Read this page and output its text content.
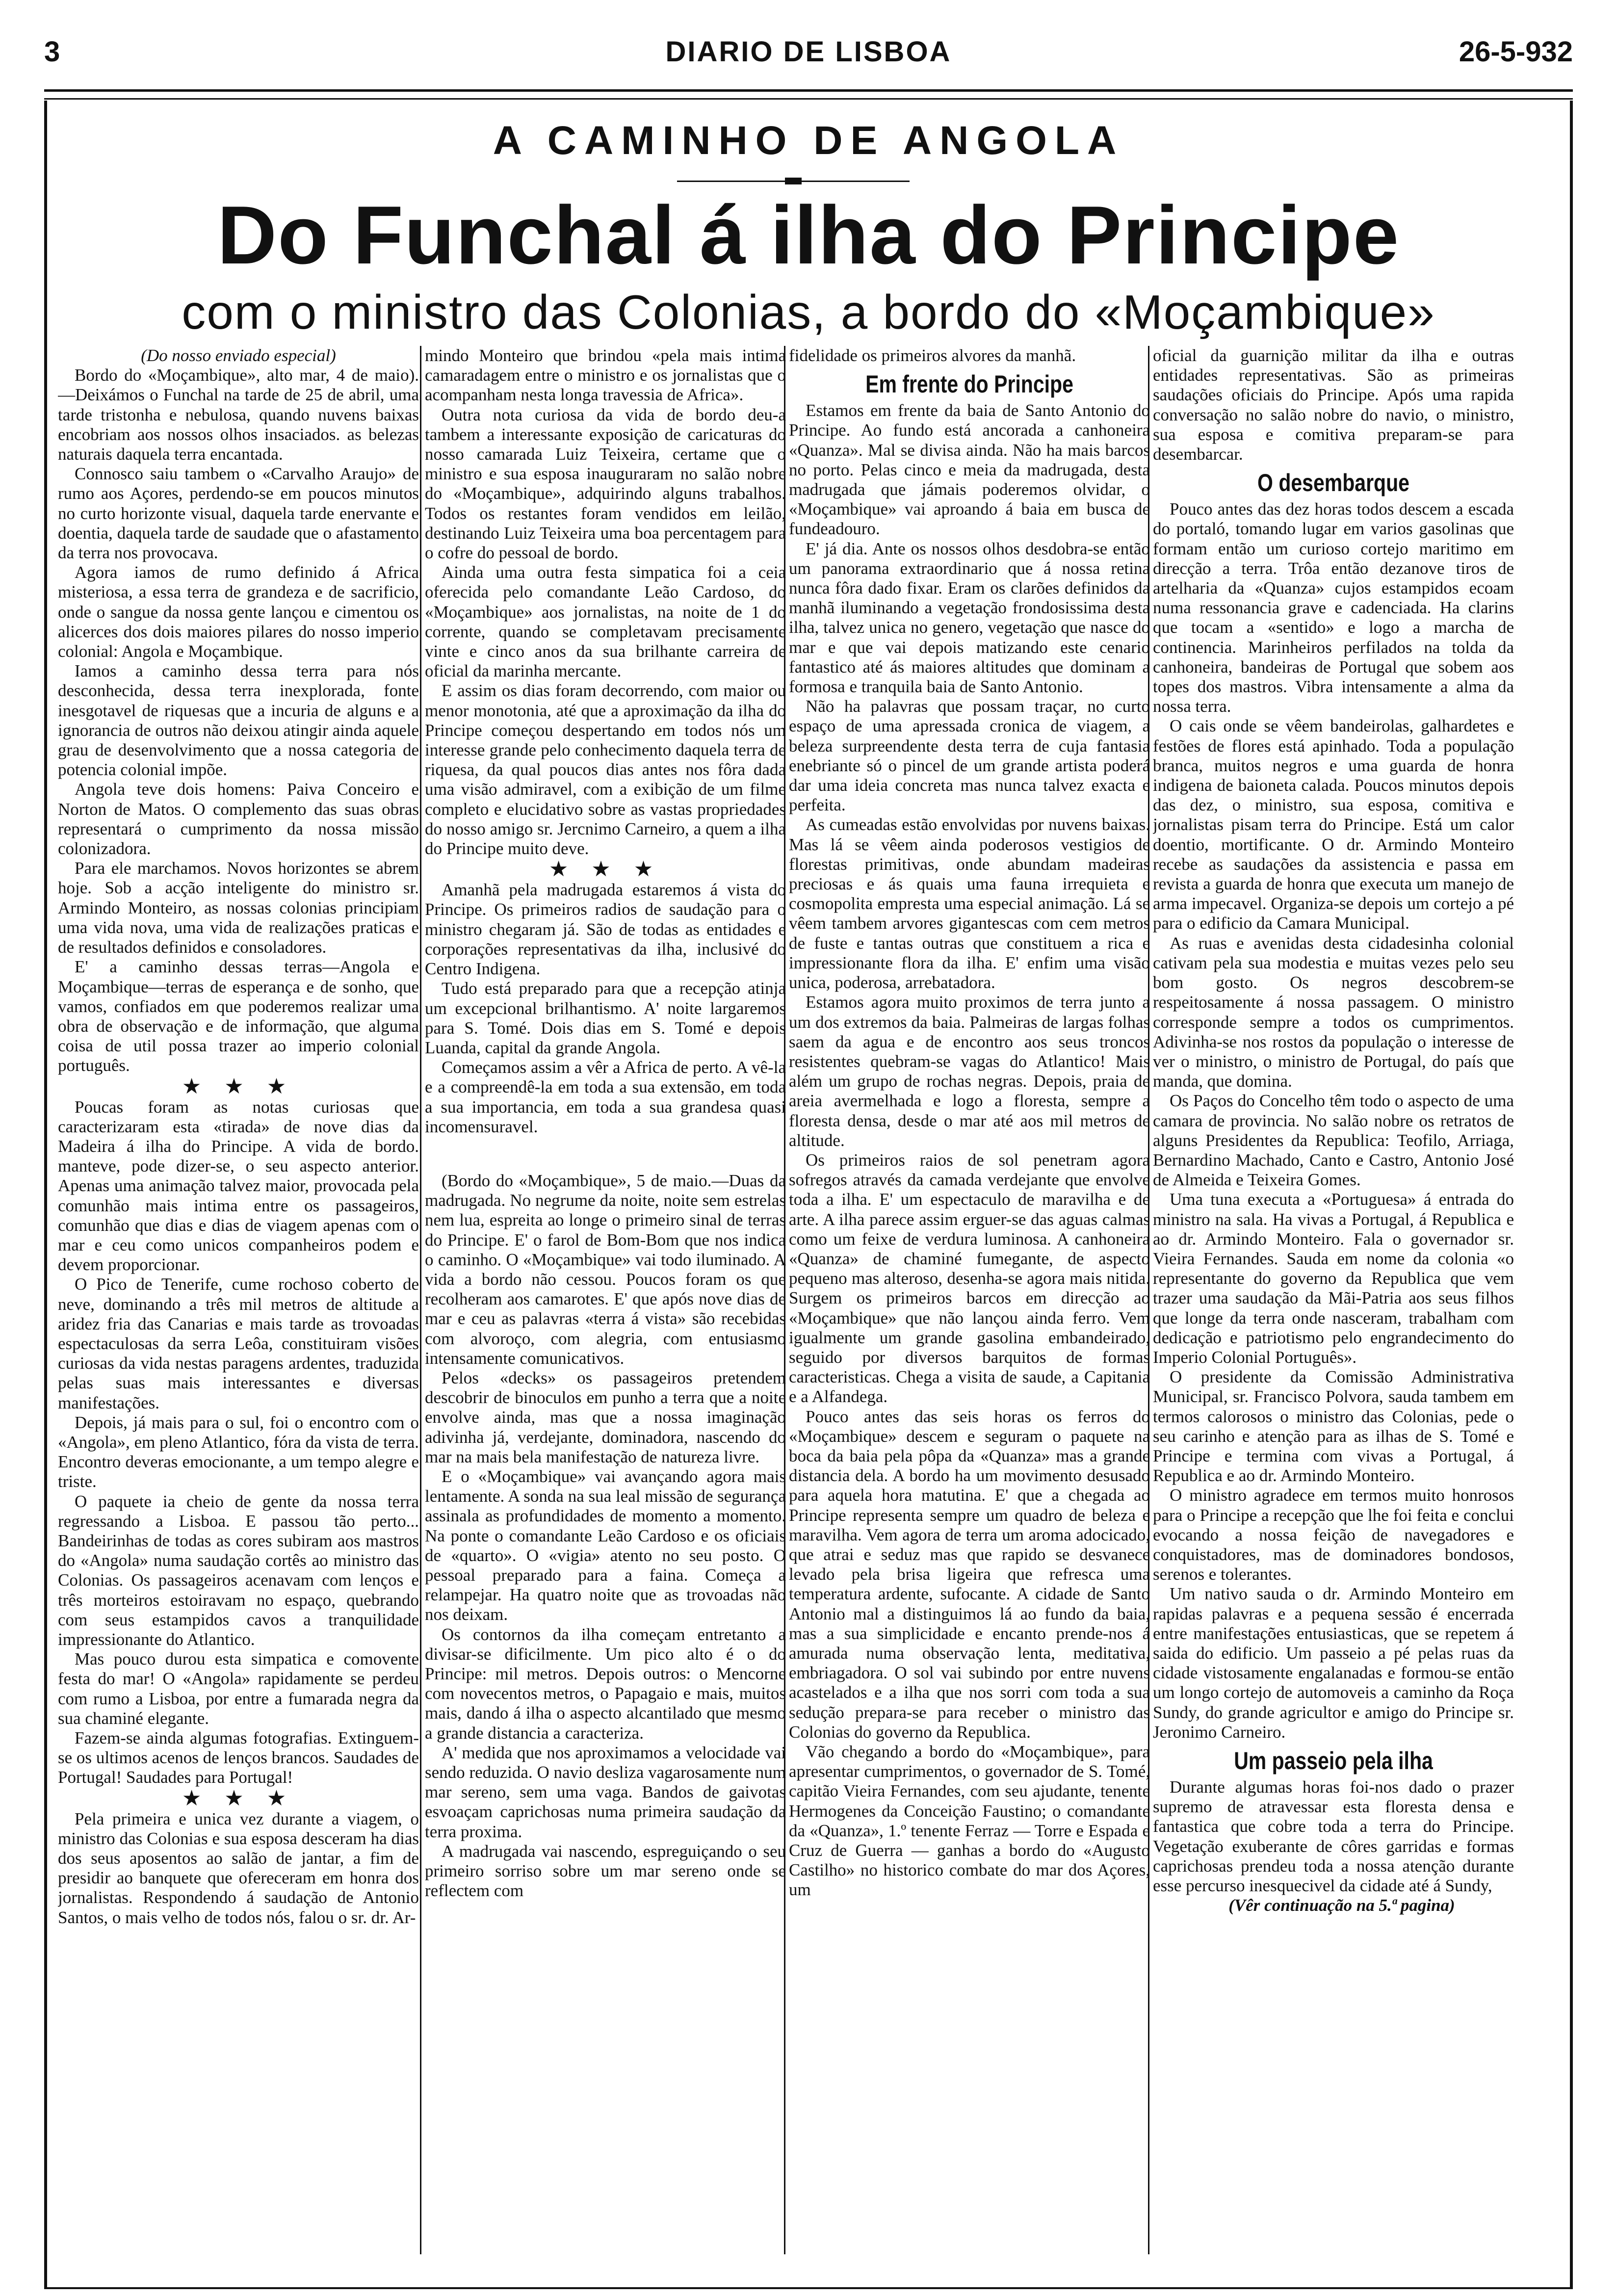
3	DIARIO DE LISBOA	26-5-932
A CAMINHO DE ANGOLA
Do Funchal á ilha do Principe
com o ministro das Colonias, a bordo do «Moçambique»

(Do nosso enviado especial)

Bordo do «Moçambique», alto mar, 4 de maio).—Deixámos o Funchal na tarde de 25 de abril, uma tarde tristonha e nebulosa, quando nuvens baixas encobriam aos nossos olhos insaciados. as belezas naturais daquela terra encantada.

Connosco saiu tambem o «Carvalho Araujo» de rumo aos Açores, perdendo-se em poucos minutos no curto horizonte visual, daquela tarde enervante e doentia, daquela tarde de saudade que o afastamento da terra nos provocava.

Agora iamos de rumo definido á Africa misteriosa, a essa terra de grandeza e de sacrificio, onde o sangue da nossa gente lançou e cimentou os alicerces dos dois maiores pilares do nosso imperio colonial: Angola e Moçambique.

Iamos a caminho dessa terra para nós desconhecida, dessa terra inexplorada, fonte inesgotavel de riquesas que a incuria de alguns e a ignorancia de outros não deixou atingir ainda aquele grau de desenvolvimento que a nossa categoria de potencia colonial impõe.

Angola teve dois homens: Paiva Conceiro e Norton de Matos. O complemento das suas obras representará o cumprimento da nossa missão colonizadora.

Para ele marchamos. Novos horizontes se abrem hoje. Sob a acção inteligente do ministro sr. Armindo Monteiro, as nossas colonias principiam uma vida nova, uma vida de realizações praticas e de resultados definidos e consoladores.

E' a caminho dessas terras—Angola e Moçambique—terras de esperança e de sonho, que vamos, confiados em que poderemos realizar uma obra de observação e de informação, que alguma coisa de util possa trazer ao imperio colonial português.

★ ★ ★

Poucas foram as notas curiosas que caracterizaram esta «tirada» de nove dias da Madeira á ilha do Principe. A vida de bordo. manteve, pode dizer-se, o seu aspecto anterior. Apenas uma animação talvez maior, provocada pela comunhão mais intima entre os passageiros, comunhão que dias e dias de viagem apenas com o mar e ceu como unicos companheiros podem e devem proporcionar.

O Pico de Tenerife, cume rochoso coberto de neve, dominando a três mil metros de altitude a aridez fria das Canarias e mais tarde as trovoadas espectaculosas da serra Leôa, constituiram visões curiosas da vida nestas paragens ardentes, traduzida pelas suas mais interessantes e diversas manifestações.

Depois, já mais para o sul, foi o encontro com o «Angola», em pleno Atlantico, fóra da vista de terra. Encontro deveras emocionante, a um tempo alegre e triste.

O paquete ia cheio de gente da nossa terra regressando a Lisboa. E passou tão perto... Bandeirinhas de todas as cores subiram aos mastros do «Angola» numa saudação cortês ao ministro das Colonias. Os passageiros acenavam com lenços e três morteiros estoiravam no espaço, quebrando com seus estampidos cavos a tranquilidade impressionante do Atlantico.

Mas pouco durou esta simpatica e comovente festa do mar! O «Angola» rapidamente se perdeu com rumo a Lisboa, por entre a fumarada negra da sua chaminé elegante.

Fazem-se ainda algumas fotografias. Extinguem-se os ultimos acenos de lenços brancos. Saudades de Portugal! Saudades para Portugal!

★ ★ ★

Pela primeira e unica vez durante a viagem, o ministro das Colonias e sua esposa desceram ha dias dos seus aposentos ao salão de jantar, a fim de presidir ao banquete que ofereceram em honra dos jornalistas. Respondendo á saudação de Antonio Santos, o mais velho de todos nós, falou o sr. dr. Ar-

mindo Monteiro que brindou «pela mais intima camaradagem entre o ministro e os jornalistas que o acompanham nesta longa travessia de Africa».

Outra nota curiosa da vida de bordo deu-a tambem a interessante exposição de caricaturas do nosso camarada Luiz Teixeira, certame que o ministro e sua esposa inauguraram no salão nobre do «Moçambique», adquirindo alguns trabalhos. Todos os restantes foram vendidos em leilão, destinando Luiz Teixeira uma boa percentagem para o cofre do pessoal de bordo.

Ainda uma outra festa simpatica foi a ceia oferecida pelo comandante Leão Cardoso, do «Moçambique» aos jornalistas, na noite de 1 do corrente, quando se completavam precisamente vinte e cinco anos da sua brilhante carreira de oficial da marinha mercante.

E assim os dias foram decorrendo, com maior ou menor monotonia, até que a aproximação da ilha do Principe começou despertando em todos nós um interesse grande pelo conhecimento daquela terra de riquesa, da qual poucos dias antes nos fôra dada uma visão admiravel, com a exibição de um filme completo e elucidativo sobre as vastas propriedades do nosso amigo sr. Jercnimo Carneiro, a quem a ilha do Principe muito deve.

★ ★ ★

Amanhã pela madrugada estaremos á vista do Principe. Os primeiros radios de saudação para o ministro chegaram já. São de todas as entidades e corporações representativas da ilha, inclusivé do Centro Indigena.

Tudo está preparado para que a recepção atinja um excepcional brilhantismo. A' noite largaremos para S. Tomé. Dois dias em S. Tomé e depois Luanda, capital da grande Angola.

Começamos assim a vêr a Africa de perto. A vê-la e a compreendê-la em toda a sua extensão, em toda a sua importancia, em toda a sua grandesa quasi incomensuravel.

(Bordo do «Moçambique», 5 de maio.—Duas da madrugada. No negrume da noite, noite sem estrelas nem lua, espreita ao longe o primeiro sinal de terras do Principe. E' o farol de Bom-Bom que nos indica o caminho. O «Moçambique» vai todo iluminado. A vida a bordo não cessou. Poucos foram os que recolheram aos camarotes. E' que após nove dias de mar e ceu as palavras «terra á vista» são recebidas com alvoroço, com alegria, com entusiasmo intensamente comunicativos.

Pelos «decks» os passageiros pretendem descobrir de binoculos em punho a terra que a noite envolve ainda, mas que a nossa imaginação adivinha já, verdejante, dominadora, nascendo do mar na mais bela manifestação de natureza livre.

E o «Moçambique» vai avançando agora mais lentamente. A sonda na sua leal missão de segurança assinala as profundidades de momento a momento. Na ponte o comandante Leão Cardoso e os oficiais de «quarto». O «vigia» atento no seu posto. O pessoal preparado para a faina. Começa a relampejar. Ha quatro noite que as trovoadas não nos deixam.

Os contornos da ilha começam entretanto a divisar-se dificilmente. Um pico alto é o do Principe: mil metros. Depois outros: o Mencorne com novecentos metros, o Papagaio e mais, muitos mais, dando á ilha o aspecto alcantilado que mesmo a grande distancia a caracteriza.

A' medida que nos aproximamos a velocidade vai sendo reduzida. O navio desliza vagarosamente num mar sereno, sem uma vaga. Bandos de gaivotas esvoaçam caprichosas numa primeira saudação da terra proxima.

A madrugada vai nascendo, espreguiçando o seu primeiro sorriso sobre um mar sereno onde se reflectem com

fidelidade os primeiros alvores da manhã.

Em frente do Principe

Estamos em frente da baia de Santo Antonio do Principe. Ao fundo está ancorada a canhoneira «Quanza». Mal se divisa ainda. Não ha mais barcos no porto. Pelas cinco e meia da madrugada, desta madrugada que jámais poderemos olvidar, o «Moçambique» vai aproando á baia em busca de fundeadouro.

E' já dia. Ante os nossos olhos desdobra-se então um panorama extraordinario que á nossa retina nunca fôra dado fixar. Eram os clarões definidos da manhã iluminando a vegetação frondosissima desta ilha, talvez unica no genero, vegetação que nasce do mar e que vai depois matizando este cenario fantastico até ás maiores altitudes que dominam a formosa e tranquila baia de Santo Antonio.

Não ha palavras que possam traçar, no curto espaço de uma apressada cronica de viagem, a beleza surpreendente desta terra de cuja fantasia enebriante só o pincel de um grande artista poderá dar uma ideia concreta mas nunca talvez exacta e perfeita.

As cumeadas estão envolvidas por nuvens baixas. Mas lá se vêem ainda poderosos vestigios de florestas primitivas, onde abundam madeiras preciosas e ás quais uma fauna irrequieta e cosmopolita empresta uma especial animação. Lá se vêem tambem arvores gigantescas com cem metros de fuste e tantas outras que constituem a rica e impressionante flora da ilha. E' enfim uma visão unica, poderosa, arrebatadora.

Estamos agora muito proximos de terra junto a um dos extremos da baia. Palmeiras de largas folhas saem da agua e de encontro aos seus troncos resistentes quebram-se vagas do Atlantico! Mais além um grupo de rochas negras. Depois, praia de areia avermelhada e logo a floresta, sempre a floresta densa, desde o mar até aos mil metros de altitude.

Os primeiros raios de sol penetram agora sofregos através da camada verdejante que envolve toda a ilha. E' um espectaculo de maravilha e de arte. A ilha parece assim erguer-se das aguas calmas como um feixe de verdura luminosa. A canhoneira «Quanza» de chaminé fumegante, de aspecto pequeno mas alteroso, desenha-se agora mais nitida. Surgem os primeiros barcos em direcção ao «Moçambique» que não lançou ainda ferro. Vem igualmente um grande gasolina embandeirado, seguido por diversos barquitos de formas caracteristicas. Chega a visita de saude, a Capitania e a Alfandega.

Pouco antes das seis horas os ferros do «Moçambique» descem e seguram o paquete na boca da baia pela pôpa da «Quanza» mas a grande distancia dela. A bordo ha um movimento desusado para aquela hora matutina. E' que a chegada ao Principe representa sempre um quadro de beleza e maravilha. Vem agora de terra um aroma adocicado, que atrai e seduz mas que rapido se desvanece levado pela brisa ligeira que refresca uma temperatura ardente, sufocante. A cidade de Santo Antonio mal a distinguimos lá ao fundo da baia, mas a sua simplicidade e encanto prende-nos á amurada numa observação lenta, meditativa, embriagadora. O sol vai subindo por entre nuvens acastelados e a ilha que nos sorri com toda a sua sedução prepara-se para receber o ministro das Colonias do governo da Republica.

Vão chegando a bordo do «Moçambique», para apresentar cumprimentos, o governador de S. Tomé, capitão Vieira Fernandes, com seu ajudante, tenente Hermogenes da Conceição Faustino; o comandante da «Quanza», 1.º tenente Ferraz — Torre e Espada e Cruz de Guerra — ganhas a bordo do «Augusto Castilho» no historico combate do mar dos Açores, um

oficial da guarnição militar da ilha e outras entidades representativas. São as primeiras saudações oficiais do Principe. Após uma rapida conversação no salão nobre do navio, o ministro, sua esposa e comitiva preparam-se para desembarcar.

O desembarque

Pouco antes das dez horas todos descem a escada do portaló, tomando lugar em varios gasolinas que formam então um curioso cortejo maritimo em direcção a terra. Trôa então dezanove tiros de artelharia da «Quanza» cujos estampidos ecoam numa ressonancia grave e cadenciada. Ha clarins que tocam a «sentido» e logo a marcha de continencia. Marinheiros perfilados na tolda da canhoneira, bandeiras de Portugal que sobem aos topes dos mastros. Vibra intensamente a alma da nossa terra.

O cais onde se vêem bandeirolas, galhardetes e festões de flores está apinhado. Toda a população branca, muitos negros e uma guarda de honra indigena de baioneta calada. Poucos minutos depois das dez, o ministro, sua esposa, comitiva e jornalistas pisam terra do Principe. Está um calor doentio, mortificante. O dr. Armindo Monteiro recebe as saudações da assistencia e passa em revista a guarda de honra que executa um manejo de arma impecavel. Organiza-se depois um cortejo a pé para o edificio da Camara Municipal.

As ruas e avenidas desta cidadesinha colonial cativam pela sua modestia e muitas vezes pelo seu bom gosto. Os negros descobrem-se respeitosamente á nossa passagem. O ministro corresponde sempre a todos os cumprimentos. Adivinha-se nos rostos da população o interesse de ver o ministro, o ministro de Portugal, do país que manda, que domina.

Os Paços do Concelho têm todo o aspecto de uma camara de provincia. No salão nobre os retratos de alguns Presidentes da Republica: Teofilo, Arriaga, Bernardino Machado, Canto e Castro, Antonio José de Almeida e Teixeira Gomes.

Uma tuna executa a «Portuguesa» á entrada do ministro na sala. Ha vivas a Portugal, á Republica e ao dr. Armindo Monteiro. Fala o governador sr. Vieira Fernandes. Sauda em nome da colonia «o representante do governo da Republica que vem trazer uma saudação da Mãi-Patria aos seus filhos que longe da terra onde nasceram, trabalham com dedicação e patriotismo pelo engrandecimento do Imperio Colonial Português».

O presidente da Comissão Administrativa Municipal, sr. Francisco Polvora, sauda tambem em termos calorosos o ministro das Colonias, pede o seu carinho e atenção para as ilhas de S. Tomé e Principe e termina com vivas a Portugal, á Republica e ao dr. Armindo Monteiro.

O ministro agradece em termos muito honrosos para o Principe a recepção que lhe foi feita e conclui evocando a nossa feição de navegadores e conquistadores, mas de dominadores bondosos, serenos e tolerantes.

Um nativo sauda o dr. Armindo Monteiro em rapidas palavras e a pequena sessão é encerrada entre manifestações entusiasticas, que se repetem á saida do edificio. Um passeio a pé pelas ruas da cidade vistosamente engalanadas e formou-se então um longo cortejo de automoveis a caminho da Roça Sundy, do grande agricultor e amigo do Principe sr. Jeronimo Carneiro.

Um passeio pela ilha

Durante algumas horas foi-nos dado o prazer supremo de atravessar esta floresta densa e fantastica que cobre toda a terra do Principe. Vegetação exuberante de côres garridas e formas caprichosas prendeu toda a nossa atenção durante esse percurso inesquecivel da cidade até á Sundy,

(Vêr continuação na 5.ª pagina)
